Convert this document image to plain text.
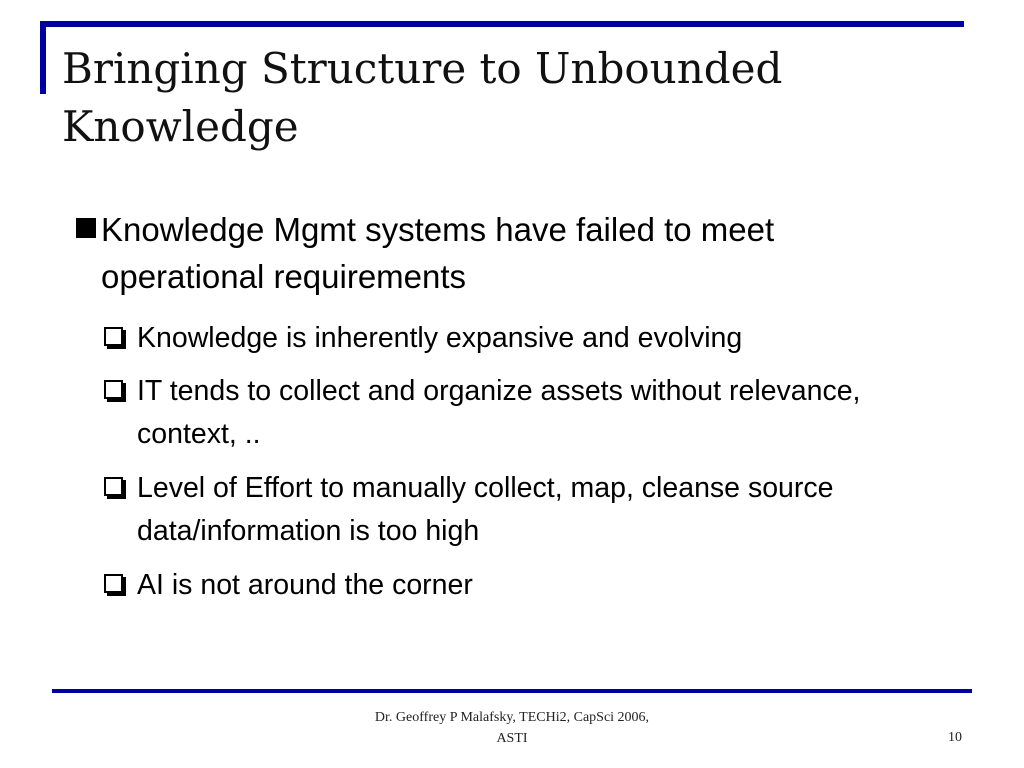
Bringing Structure to Unbounded Knowledge
Knowledge Mgmt systems have failed to meet operational requirements
Knowledge is inherently expansive and evolving
IT tends to collect and organize assets without relevance, context, ..
Level of Effort to manually collect, map, cleanse source data/information is too high
AI is not around the corner
Dr. Geoffrey P Malafsky, TECHi2, CapSci 2006,
ASTI	10
